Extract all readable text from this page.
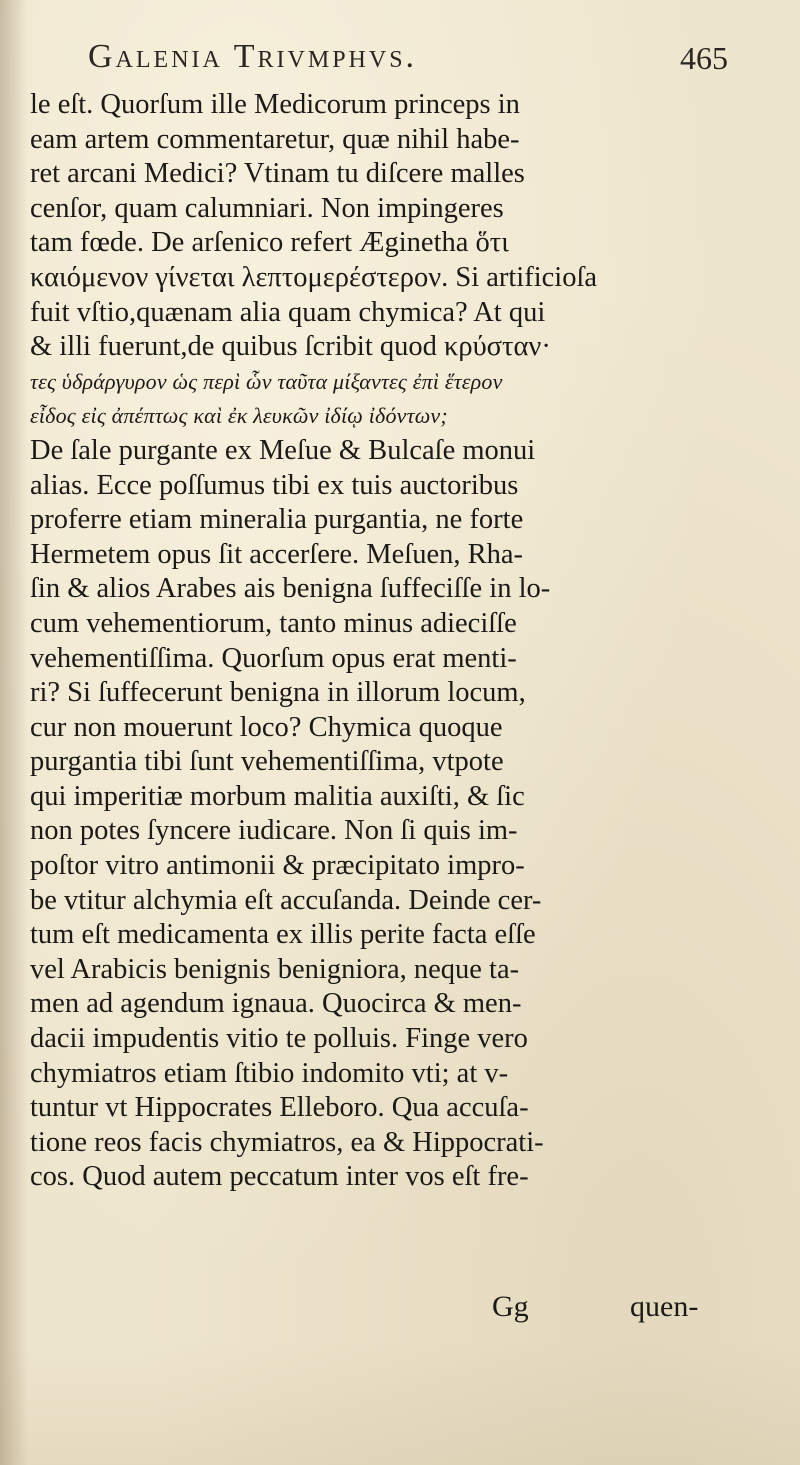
Galenia Trivmphvs.	465
le eſt. Quorſum ille Medicorum princeps in
eam artem commentaretur, quæ nihil habe-
ret arcani Medici? Vtinam tu diſcere malles
cenſor, quam calumniari. Non impingeres
tam fœde. De arſenico refert Æginetha ὅτι
καιόμενον γίνεται λεπτομερέστερον. Si artificioſa
fuit vſtio,quænam alia quam chymica? At qui
& illi fuerunt,de quibus ſcribit quod κρύσταν·
τες ὑδράργυρον ὡς περὶ ὧν ταῦτα μίξαντες ἐπὶ ἕτερον
εἶδος εἰς ἀπέπτως καὶ ἐκ λευκῶν ἰδίῳ ἰδόντων;
De ſale purgante ex Meſue & Bulcaſe monui
alias. Ecce poſſumus tibi ex tuis auctoribus
proferre etiam mineralia purgantia, ne forte
Hermetem opus ſit accerſere. Meſuen, Rha-
ſin & alios Arabes ais benigna ſuffeciſſe in lo-
cum vehementiorum, tanto minus adieciſſe
vehementiſſima. Quorſum opus erat menti-
ri? Si ſuffecerunt benigna in illorum locum,
cur non mouerunt loco? Chymica quoque
purgantia tibi ſunt vehementiſſima, vtpote
qui imperitiæ morbum malitia auxiſti, & ſic
non potes ſyncere iudicare. Non ſi quis im-
poſtor vitro antimonii & præcipitato impro-
be vtitur alchymia eſt accuſanda. Deinde cer-
tum eſt medicamenta ex illis perite facta eſſe
vel Arabicis benignis benigniora, neque ta-
men ad agendum ignaua. Quocirca & men-
dacii impudentis vitio te polluis. Finge vero
chymiatros etiam ſtibio indomito vti; at v-
tuntur vt Hippocrates Elleboro. Qua accuſa-
tione reos facis chymiatros, ea & Hippocrati-
cos. Quod autem peccatum inter vos eſt fre-
Gg	quen-
